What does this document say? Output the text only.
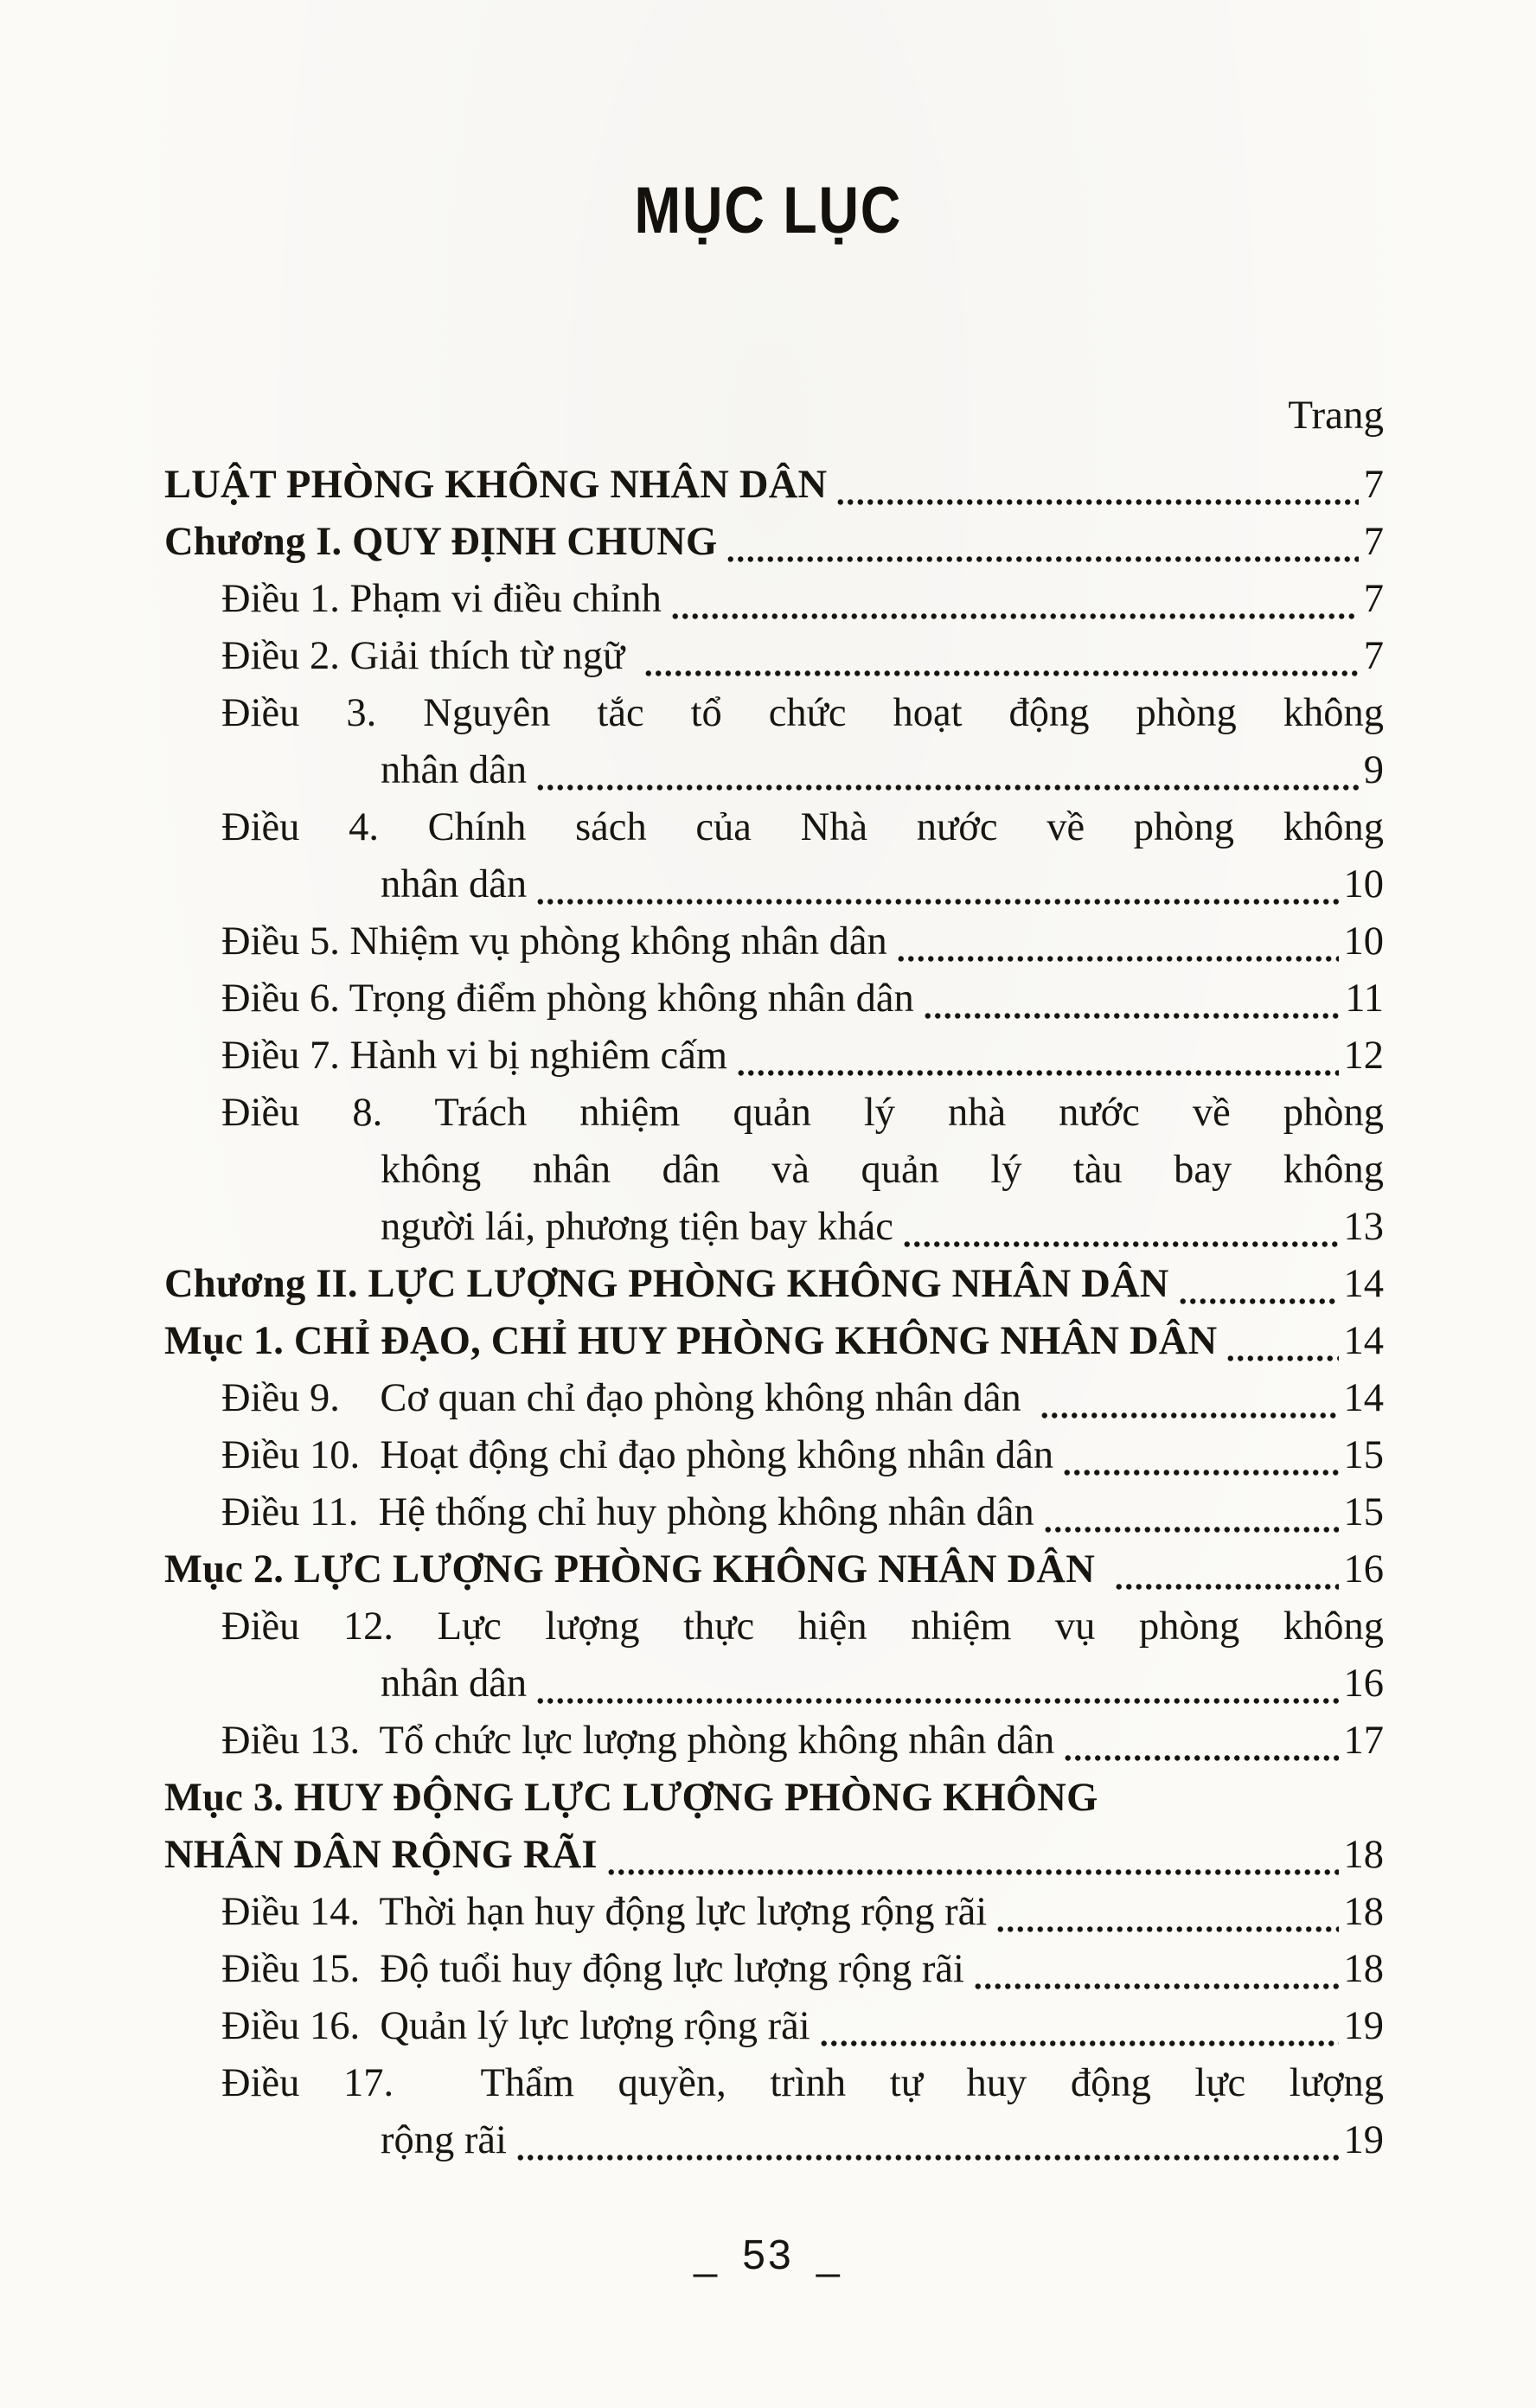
MỤC LỤC
Trang
LUẬT PHÒNG KHÔNG NHÂN DÂN	7
Chương I. QUY ĐỊNH CHUNG	7
Điều 1. Phạm vi điều chỉnh	7
Điều 2. Giải thích từ ngữ	7
Điều 3. Nguyên tắc tổ chức hoạt động phòng không
nhân dân	9
Điều 4. Chính sách của Nhà nước về phòng không
nhân dân	10
Điều 5. Nhiệm vụ phòng không nhân dân	10
Điều 6. Trọng điểm phòng không nhân dân	11
Điều 7. Hành vi bị nghiêm cấm	12
Điều 8. Trách nhiệm quản lý nhà nước về phòng
không nhân dân và quản lý tàu bay không
người lái, phương tiện bay khác	13
Chương II. LỰC LƯỢNG PHÒNG KHÔNG NHÂN DÂN	14
Mục 1. CHỈ ĐẠO, CHỈ HUY PHÒNG KHÔNG NHÂN DÂN	14
Điều 9.    Cơ quan chỉ đạo phòng không nhân dân	14
Điều 10.  Hoạt động chỉ đạo phòng không nhân dân	15
Điều 11.  Hệ thống chỉ huy phòng không nhân dân	15
Mục 2. LỰC LƯỢNG PHÒNG KHÔNG NHÂN DÂN	16
Điều 12. Lực lượng thực hiện nhiệm vụ phòng không
nhân dân	16
Điều 13.  Tổ chức lực lượng phòng không nhân dân	17
Mục 3. HUY ĐỘNG LỰC LƯỢNG PHÒNG KHÔNG
NHÂN DÂN RỘNG RÃI	18
Điều 14.  Thời hạn huy động lực lượng rộng rãi	18
Điều 15.  Độ tuổi huy động lực lượng rộng rãi	18
Điều 16.  Quản lý lực lượng rộng rãi	19
Điều 17.  Thẩm quyền, trình tự huy động lực lượng
rộng rãi	19
_ 53 _
